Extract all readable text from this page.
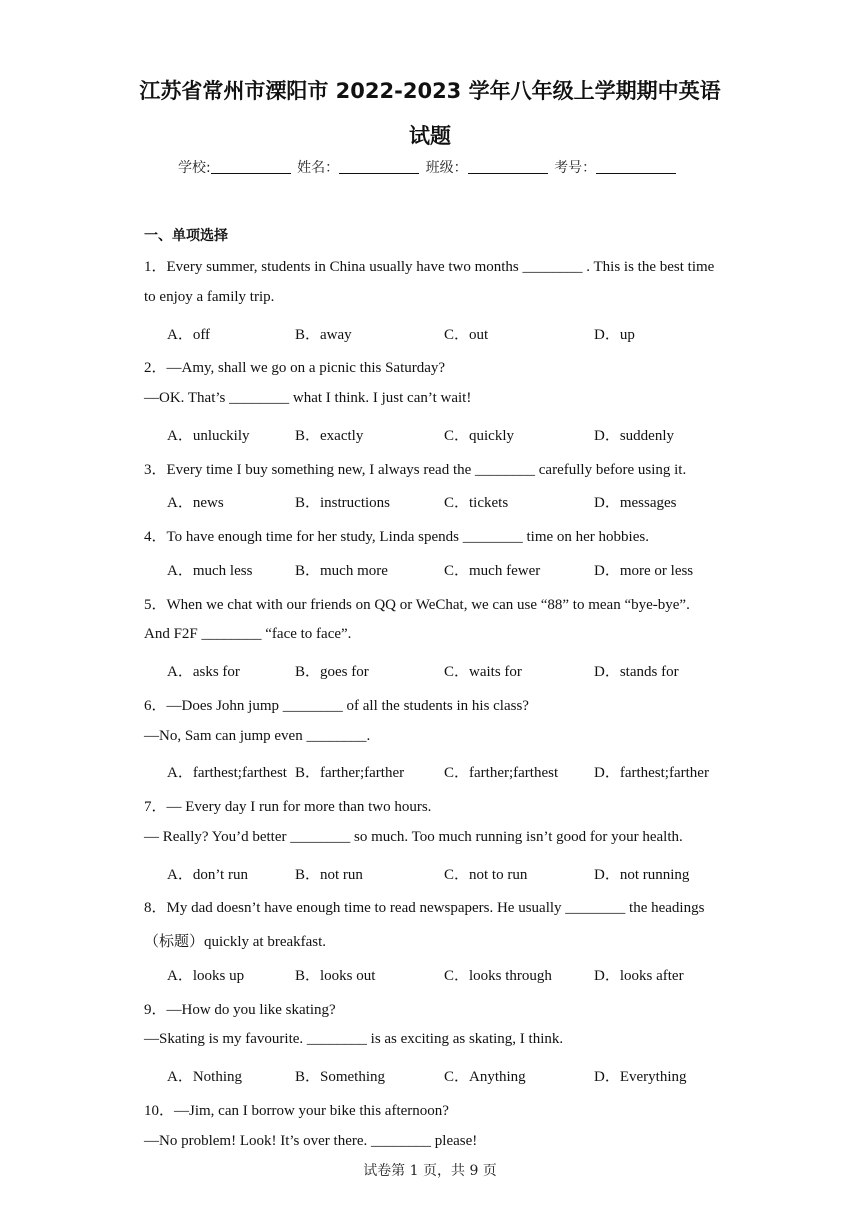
江苏省常州市溧阳市 2022-2023 学年八年级上学期期中英语
试题
学校:	姓名：	班级：	考号：
一、单项选择
1．Every summer, students in China usually have two months ________ . This is the best time
to enjoy a family trip.
A．off	B．away	C．out	D．up
2．—Amy, shall we go on a picnic this Saturday?
—OK. That’s ________ what I think. I just can’t wait!
A．unluckily	B．exactly	C．quickly	D．suddenly
3．Every time I buy something new, I always read the ________ carefully before using it.
A．news	B．instructions	C．tickets	D．messages
4．To have enough time for her study, Linda spends ________ time on her hobbies.
A．much less	B．much more	C．much fewer	D．more or less
5．When we chat with our friends on QQ or WeChat, we can use “88” to mean “bye-bye”.
And F2F ________ “face to face”.
A．asks for	B．goes for	C．waits for	D．stands for
6．—Does John jump ________ of all the students in his class?
—No, Sam can jump even ________.
A．farthest;farthest B．farther;farther	C．farther;farthest D．farthest;farther
7．— Every day I run for more than two hours.
— Really? You’d better ________ so much. Too much running isn’t good for your health.
A．don’t run	B．not run	C．not to run	D．not running
8．My dad doesn’t have enough time to read newspapers. He usually ________ the headings
（标题）quickly at breakfast.
A．looks up	B．looks out	C．looks through	D．looks after
9．—How do you like skating?
—Skating is my favourite. ________ is as exciting as skating, I think.
A．Nothing	B．Something	C．Anything	D．Everything
10．—Jim, can I borrow your bike this afternoon?
—No problem! Look! It’s over there. ________ please!
试卷第 1 页，共 9 页
